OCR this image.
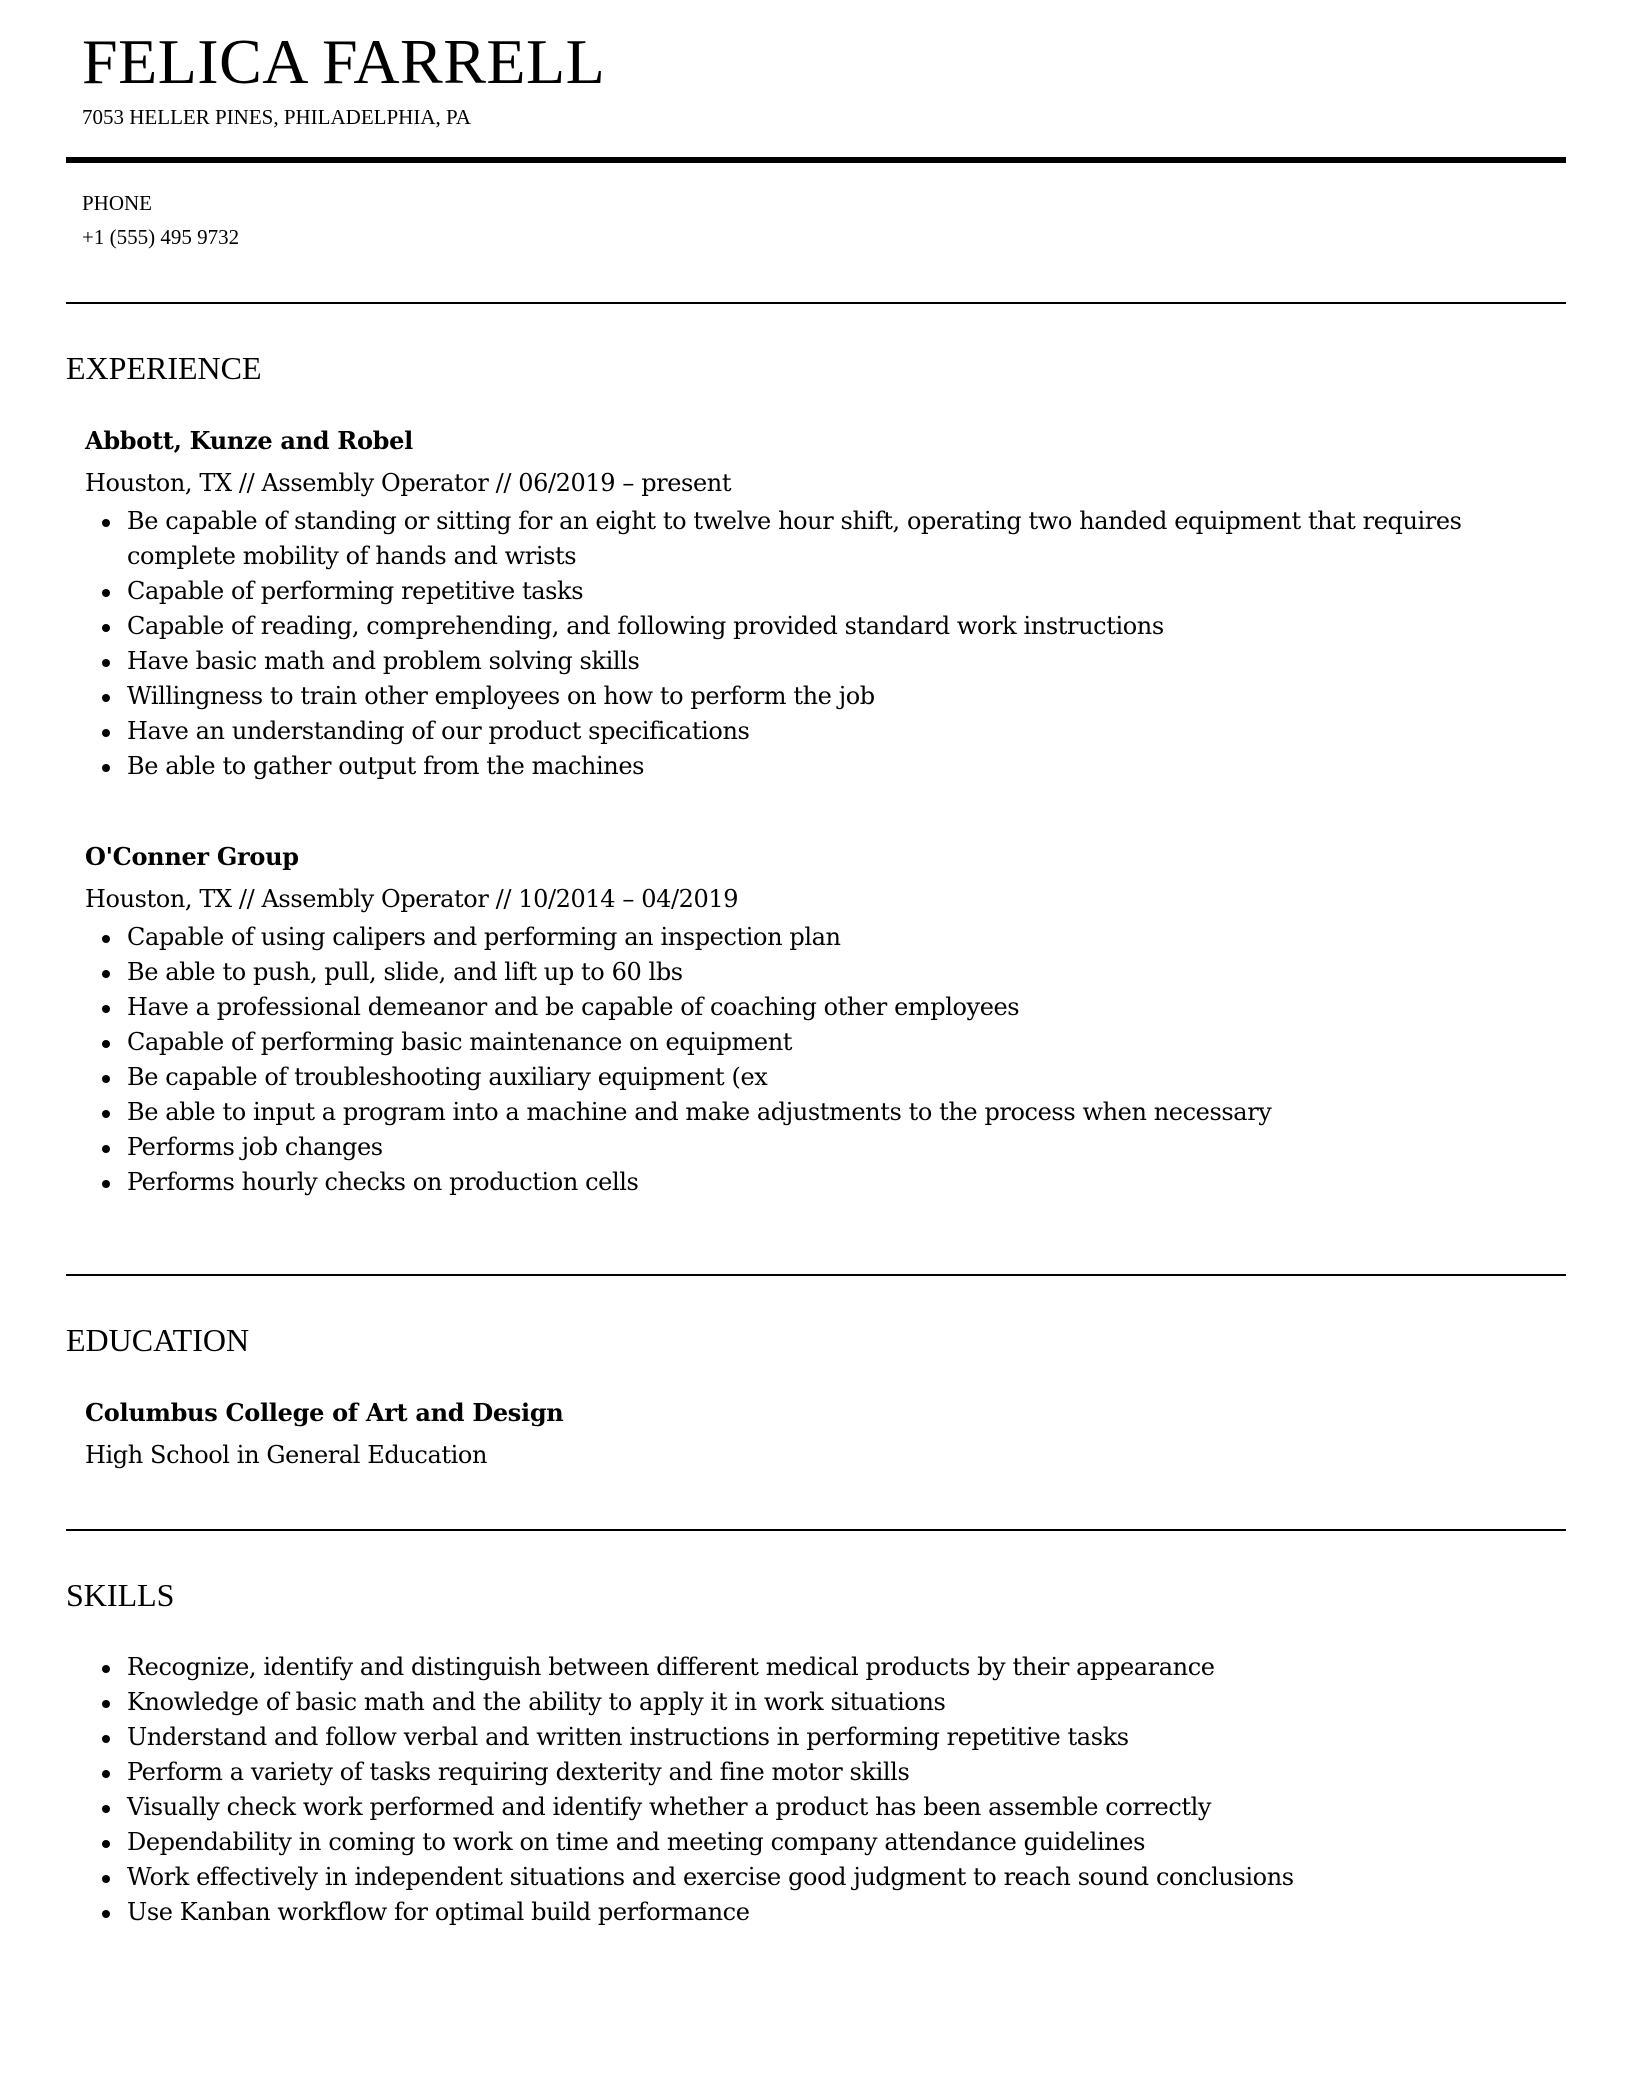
FELICA FARRELL
7053 HELLER PINES, PHILADELPHIA, PA
PHONE
+1 (555) 495 9732
EXPERIENCE
Abbott, Kunze and Robel
Houston, TX // Assembly Operator // 06/2019 – present
Be capable of standing or sitting for an eight to twelve hour shift, operating two handed equipment that requires complete mobility of hands and wrists
Capable of performing repetitive tasks
Capable of reading, comprehending, and following provided standard work instructions
Have basic math and problem solving skills
Willingness to train other employees on how to perform the job
Have an understanding of our product specifications
Be able to gather output from the machines
O'Conner Group
Houston, TX // Assembly Operator // 10/2014 – 04/2019
Capable of using calipers and performing an inspection plan
Be able to push, pull, slide, and lift up to 60 lbs
Have a professional demeanor and be capable of coaching other employees
Capable of performing basic maintenance on equipment
Be capable of troubleshooting auxiliary equipment (ex
Be able to input a program into a machine and make adjustments to the process when necessary
Performs job changes
Performs hourly checks on production cells
EDUCATION
Columbus College of Art and Design
High School in General Education
SKILLS
Recognize, identify and distinguish between different medical products by their appearance
Knowledge of basic math and the ability to apply it in work situations
Understand and follow verbal and written instructions in performing repetitive tasks
Perform a variety of tasks requiring dexterity and fine motor skills
Visually check work performed and identify whether a product has been assemble correctly
Dependability in coming to work on time and meeting company attendance guidelines
Work effectively in independent situations and exercise good judgment to reach sound conclusions
Use Kanban workflow for optimal build performance
